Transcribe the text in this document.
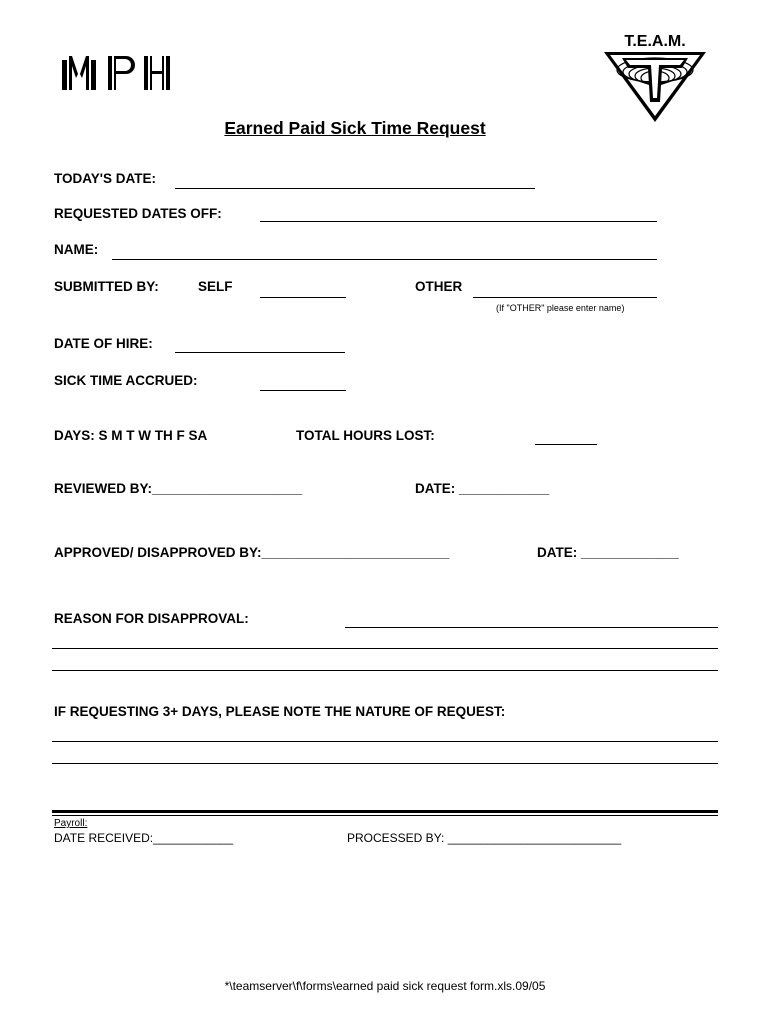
MPH	T.E.A.M.
T
Earned Paid Sick Time Request
TODAY'S DATE:
REQUESTED DATES OFF:
NAME:
SUBMITTED BY:	SELF	OTHER
(If "OTHER" please enter name)
DATE OF HIRE:
SICK TIME ACCRUED:
DAYS: S M T W TH F SA	TOTAL HOURS LOST:
REVIEWED BY:____________________	DATE: ____________
APPROVED/ DISAPPROVED BY:_________________________	DATE: _____________
REASON FOR DISAPPROVAL:
IF REQUESTING 3+ DAYS, PLEASE NOTE THE NATURE OF REQUEST:
Payroll:
DATE RECEIVED:____________	PROCESSED BY: __________________________
*\teamserver\f\forms\earned paid sick request form.xls.09/05
